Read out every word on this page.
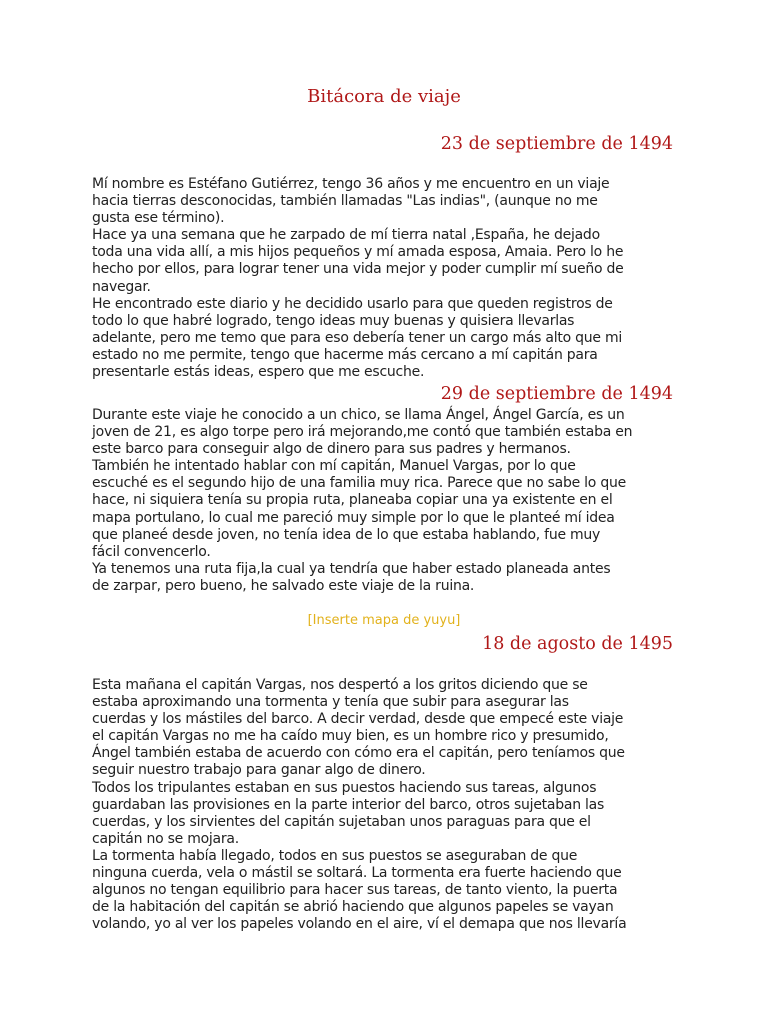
Bitácora de viaje
23 de septiembre de 1494
Mí nombre es Estéfano Gutiérrez, tengo 36 años y me encuentro en un viaje
hacia tierras desconocidas, también llamadas "Las indias", (aunque no me
gusta ese término).
Hace ya una semana que he zarpado de mí tierra natal ,España, he dejado
toda una vida allí, a mis hijos pequeños y mí amada esposa, Amaia. Pero lo he
hecho por ellos, para lograr tener una vida mejor y poder cumplir mí sueño de
navegar.
He encontrado este diario y he decidido usarlo para que queden registros de
todo lo que habré logrado, tengo ideas muy buenas y quisiera llevarlas
adelante, pero me temo que para eso debería tener un cargo más alto que mi
estado no me permite, tengo que hacerme más cercano a mí capitán para
presentarle estás ideas, espero que me escuche.
29 de septiembre de 1494
Durante este viaje he conocido a un chico, se llama Ángel, Ángel García, es un
joven de 21, es algo torpe pero irá mejorando,me contó que también estaba en
este barco para conseguir algo de dinero para sus padres y hermanos.
También he intentado hablar con mí capitán, Manuel Vargas, por lo que
escuché es el segundo hijo de una familia muy rica. Parece que no sabe lo que
hace, ni siquiera tenía su propia ruta, planeaba copiar una ya existente en el
mapa portulano, lo cual me pareció muy simple por lo que le planteé mí idea
que planeé desde joven, no tenía idea de lo que estaba hablando, fue muy
fácil convencerlo.
Ya tenemos una ruta fija,la cual ya tendría que haber estado planeada antes
de zarpar, pero bueno, he salvado este viaje de la ruina.
[Inserte mapa de yuyu]
18 de agosto de 1495
Esta mañana el capitán Vargas, nos despertó a los gritos diciendo que se
estaba aproximando una tormenta y tenía que subir para asegurar las
cuerdas y los mástiles del barco. A decir verdad, desde que empecé este viaje
el capitán Vargas no me ha caído muy bien, es un hombre rico y presumido,
Ángel también estaba de acuerdo con cómo era el capitán, pero teníamos que
seguir nuestro trabajo para ganar algo de dinero.
Todos los tripulantes estaban en sus puestos haciendo sus tareas, algunos
guardaban las provisiones en la parte interior del barco, otros sujetaban las
cuerdas, y los sirvientes del capitán sujetaban unos paraguas para que el
capitán no se mojara.
La tormenta había llegado, todos en sus puestos se aseguraban de que
ninguna cuerda, vela o mástil se soltará. La tormenta era fuerte haciendo que
algunos no tengan equilibrio para hacer sus tareas, de tanto viento, la puerta
de la habitación del capitán se abrió haciendo que algunos papeles se vayan
volando, yo al ver los papeles volando en el aire, ví el demapa que nos llevaría
